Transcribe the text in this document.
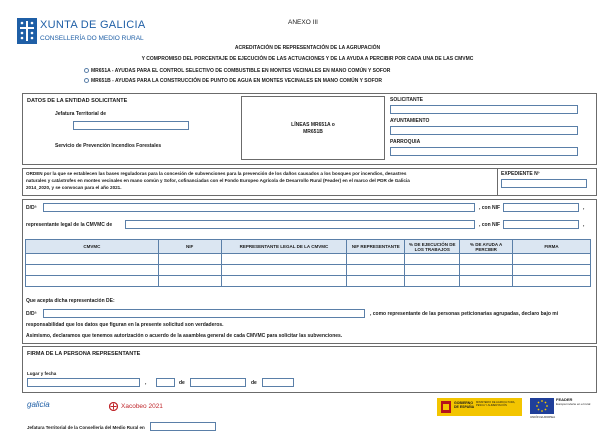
XUNTA DE GALICIA
CONSELLERÍA DO MEDIO RURAL
ANEXO III
ACREDITACIÓN DE REPRESENTACIÓN DE LA AGRUPACIÓN
Y COMPROMISO DEL PORCENTAJE DE EJECUCIÓN DE LAS ACTUACIONES Y DE LA AYUDA A PERCIBIR POR CADA UNA DE LAS CMVMC
MR651A - AYUDAS PARA EL CONTROL SELECTIVO DE COMBUSTIBLE EN MONTES VECINALES EN MANO COMÚN Y SOFOR
MR651B - AYUDAS PARA LA CONSTRUCCIÓN DE PUNTO DE AGUA EN MONTES VECINALES EN MANO COMÚN Y SOFOR
DATOS DE LA ENTIDAD SOLICITANTE
Jefatura Territorial de
Servicio de Prevención Incendios Forestales
LÍNEAS MR651A o
MR651B
SOLICITANTE
AYUNTAMIENTO
PARROQUIA
ORDEN por la que se establecen las bases reguladoras para la concesión de subvenciones para la prevención de los daños causados a los bosques por incendios, desastres
naturales y catástrofes en montes vecinales en mano común y Sofor, cofinanciadas con el Fondo Europeo Agrícola de Desarrollo Rural (Feader) en el marco del PDR de Galicia
2014_2020, y se convocan para el año 2021.
EXPEDIENTE Nº
D/Dª	, con NIF	,
representante legal de la CMVMC de	, con NIF	,
CMVMC	NIF	REPRESENTANTE LEGAL DE LA CMVMC	NIF REPRESENTANTE	% DE EJECUCIÓN DE LOS TRABAJOS	% DE AYUDA A PERCIBIR	FIRMA

Que acepta dicha representación DE:
D/Dª	, como representante de las personas peticionarias agrupadas, declaro bajo mi
responsabilidad que los datos que figuran en la presente solicitud son verdaderos.
Asimismo, declaramos que tenemos autorización o acuerdo de la asamblea general de cada CMVMC para solicitar las subvenciones.
FIRMA DE LA PERSONA REPRESENTANTE
Lugar y fecha
,	de	de
galicia	Xacobeo 2021	GOBIERNO
DE ESPAÑA
MINISTERIO DE AGRICULTURA, PESCA Y ALIMENTACIÓN
FEADER
Europa invierte en el rural
UNIÓN EUROPEA
Jefatura Territorial de la Consellería del Medio Rural en
